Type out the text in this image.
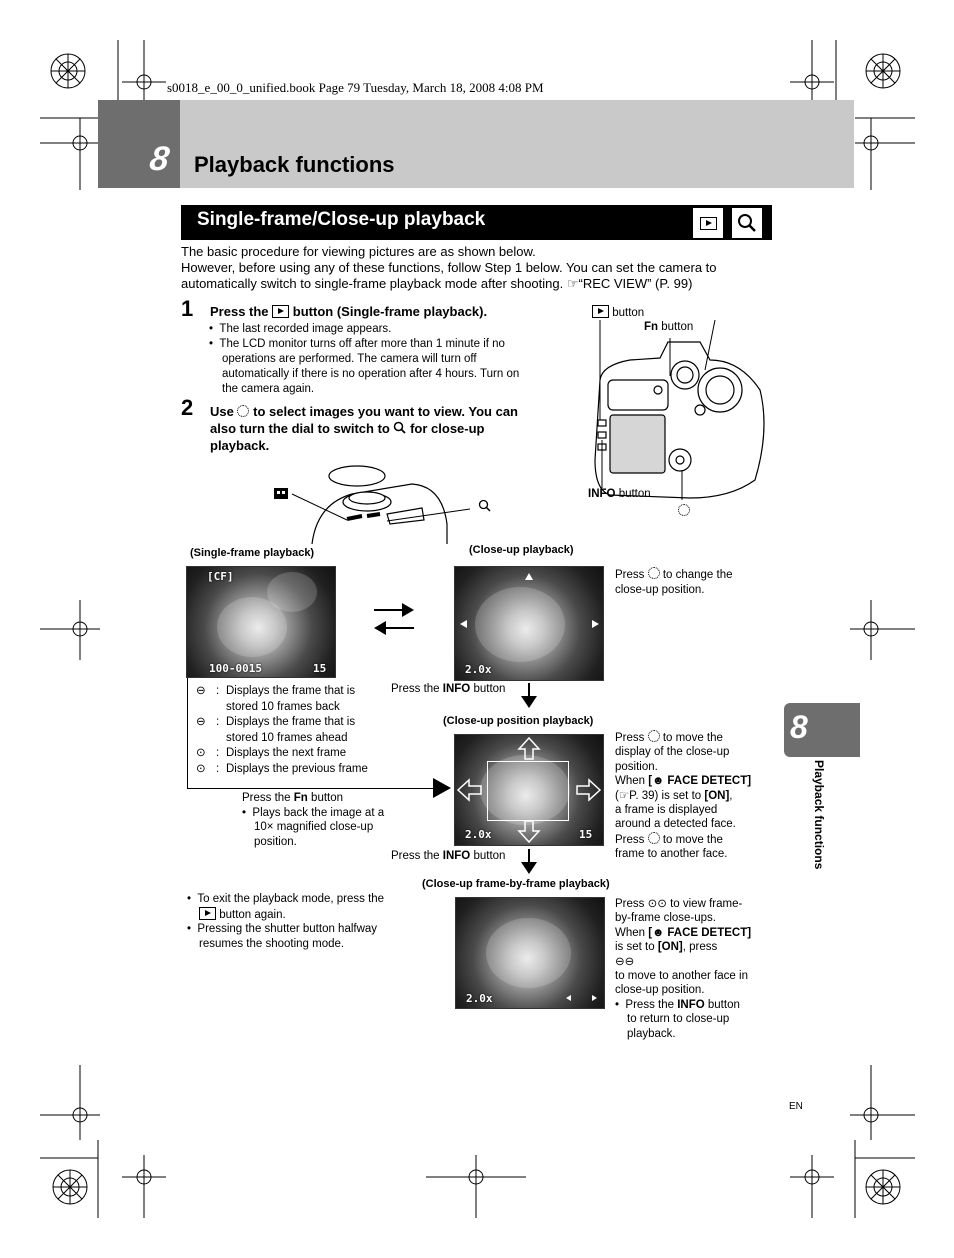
s0018_e_00_0_unified.book Page 79 Tuesday, March 18, 2008 4:08 PM
8 Playback functions
Single-frame/Close-up playback
The basic procedure for viewing pictures are as shown below.
However, before using any of these functions, follow Step 1 below. You can set the camera to
automatically switch to single-frame playback mode after shooting. ☞“REC VIEW” (P. 99)
1 Press the button (Single-frame playback).
•  The last recorded image appears.
•  The LCD monitor turns off after more than 1 minute if no
operations are performed. The camera will turn off
automatically if there is no operation after 4 hours. Turn on
the camera again.
2 Use to select images you want to view. You can
also turn the dial to switch to for close-up
playback.
button
Fn button
INFO button
(Single-frame playback)	(Close-up playback)
(Close-up position playback)
(Close-up frame-by-frame playback)
[CF]
100-0015	15	2.0x
Press to change the
close-up position.
Press the INFO button
⊖ : Displays the frame that is
stored 10 frames back
⊖ : Displays the frame that is
stored 10 frames ahead
⊙ : Displays the next frame
⊙ : Displays the previous frame
Press the Fn button
•  Plays back the image at a
10× magnified close-up
position.
2.0x	15
Press to move the
display of the close-up
position.
When [☻ FACE DETECT]
(☞P. 39) is set to [ON],
a frame is displayed
around a detected face.
Press to move the
frame to another face.
Press the INFO button
•  To exit the playback mode, press the
button again.
•  Pressing the shutter button halfway
resumes the shooting mode.
2.0x
Press ⊙⊙ to view frame-
by-frame close-ups.
When [☻ FACE DETECT]
is set to [ON], press
⊖⊖
to move to another face in
close-up position.
•  Press the INFO button
to return to close-up
playback.
8
Playback functions
EN
